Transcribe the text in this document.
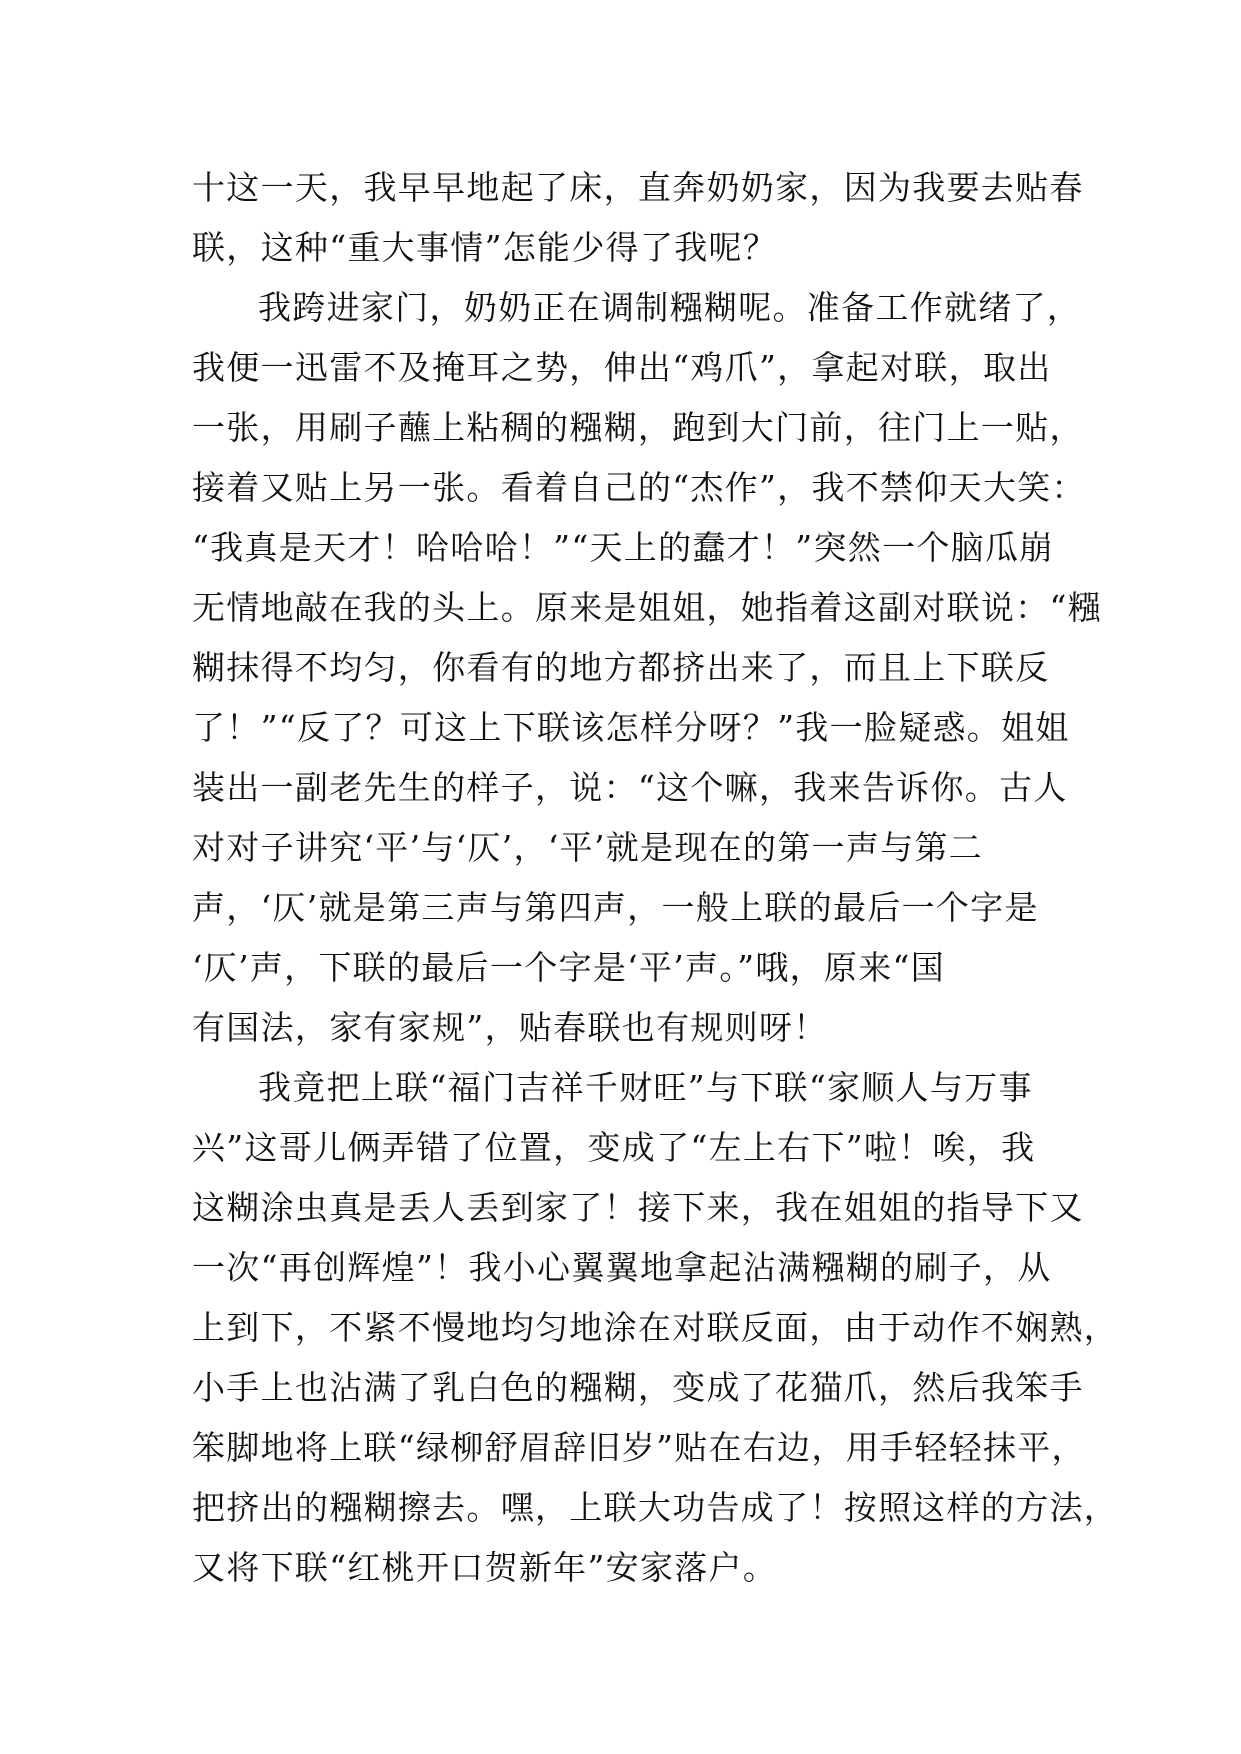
十这一天，我早早地起了床，直奔奶奶家，因为我要去贴春

联，这种“重大事情”怎能少得了我呢？

我跨进家门，奶奶正在调制糨糊呢。准备工作就绪了，

我便一迅雷不及掩耳之势，伸出“鸡爪”，拿起对联，取出

一张，用刷子蘸上粘稠的糨糊，跑到大门前，往门上一贴，

接着又贴上另一张。看着自己的“杰作”，我不禁仰天大笑：

“我真是天才！哈哈哈！”“天上的蠢才！”突然一个脑瓜崩

无情地敲在我的头上。原来是姐姐，她指着这副对联说：“糨

糊抹得不均匀，你看有的地方都挤出来了，而且上下联反

了！”“反了？可这上下联该怎样分呀？”我一脸疑惑。姐姐

装出一副老先生的样子，说：“这个嘛，我来告诉你。古人

对对子讲究‘平’与‘仄’，‘平’就是现在的第一声与第二

声，‘仄’就是第三声与第四声，一般上联的最后一个字是

‘仄’声，下联的最后一个字是‘平’声。”哦，原来“国

有国法，家有家规”，贴春联也有规则呀！

我竟把上联“福门吉祥千财旺”与下联“家顺人与万事

兴”这哥儿俩弄错了位置，变成了“左上右下”啦！唉，我

这糊涂虫真是丢人丢到家了！接下来，我在姐姐的指导下又

一次“再创辉煌”！我小心翼翼地拿起沾满糨糊的刷子，从

上到下，不紧不慢地均匀地涂在对联反面，由于动作不娴熟，

小手上也沾满了乳白色的糨糊，变成了花猫爪，然后我笨手

笨脚地将上联“绿柳舒眉辞旧岁”贴在右边，用手轻轻抹平，

把挤出的糨糊擦去。嘿，上联大功告成了！按照这样的方法，

又将下联“红桃开口贺新年”安家落户。
